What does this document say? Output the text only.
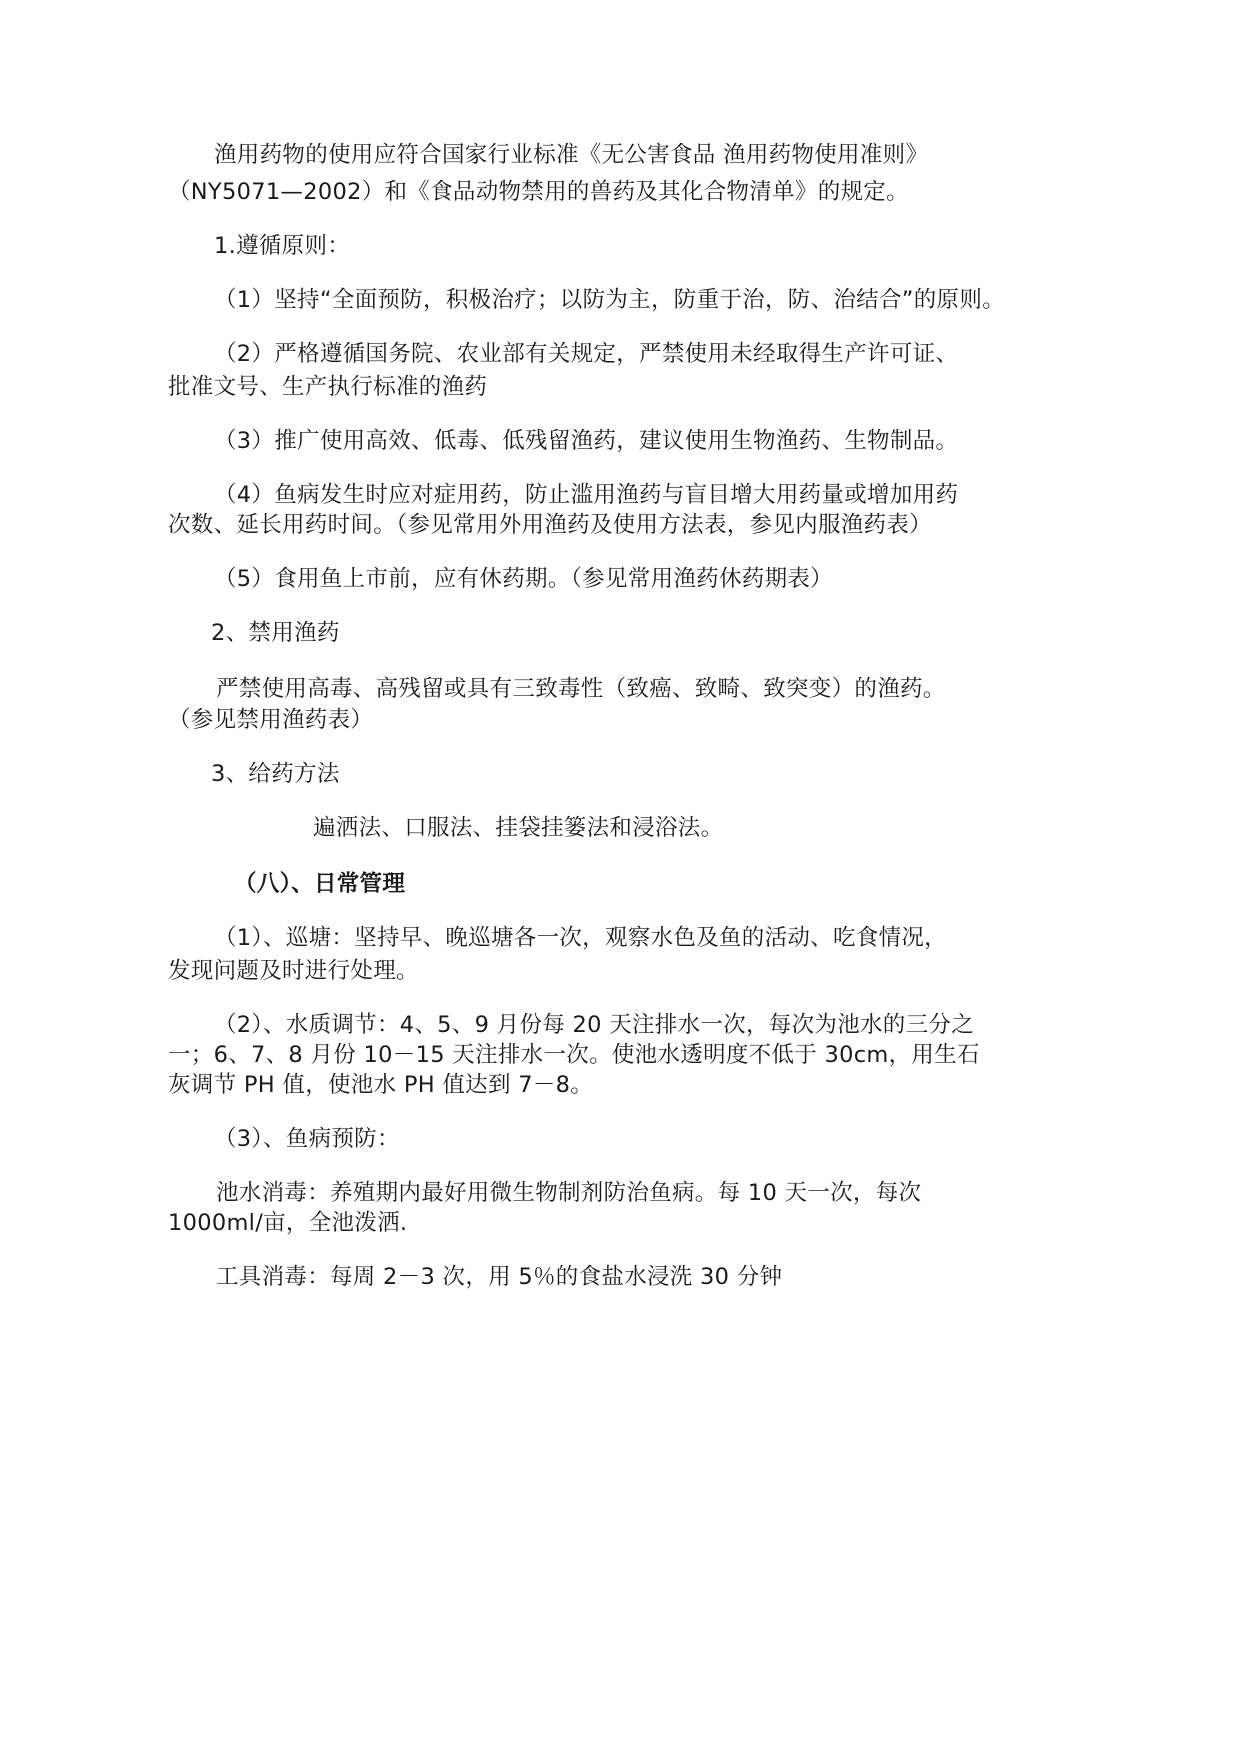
渔用药物的使用应符合国家行业标准《无公害食品 渔用药物使用准则》
（NY5071—2002）和《食品动物禁用的兽药及其化合物清单》的规定。
1.遵循原则：
（1）坚持“全面预防，积极治疗；以防为主，防重于治，防、治结合”的原则。
（2）严格遵循国务院、农业部有关规定，严禁使用未经取得生产许可证、
批准文号、生产执行标准的渔药
（3）推广使用高效、低毒、低残留渔药，建议使用生物渔药、生物制品。
（4）鱼病发生时应对症用药，防止滥用渔药与盲目增大用药量或增加用药
次数、延长用药时间。（参见常用外用渔药及使用方法表，参见内服渔药表）
（5）食用鱼上市前，应有休药期。（参见常用渔药休药期表）
2、禁用渔药
严禁使用高毒、高残留或具有三致毒性（致癌、致畸、致突变）的渔药。
（参见禁用渔药表）
3、给药方法
遍洒法、口服法、挂袋挂篓法和浸浴法。
（八）、日常管理
（1）、巡塘：坚持早、晚巡塘各一次，观察水色及鱼的活动、吃食情况，
发现问题及时进行处理。
（2）、水质调节：4、5、9 月份每 20 天注排水一次，每次为池水的三分之
一；6、7、8 月份 10－15 天注排水一次。使池水透明度不低于 30cm，用生石
灰调节 PH 值，使池水 PH 值达到 7－8。
（3）、鱼病预防：
池水消毒：养殖期内最好用微生物制剂防治鱼病。每 10 天一次，每次
1000ml/亩，全池泼洒.
工具消毒：每周 2－3 次，用 5％的食盐水浸洗 30 分钟
